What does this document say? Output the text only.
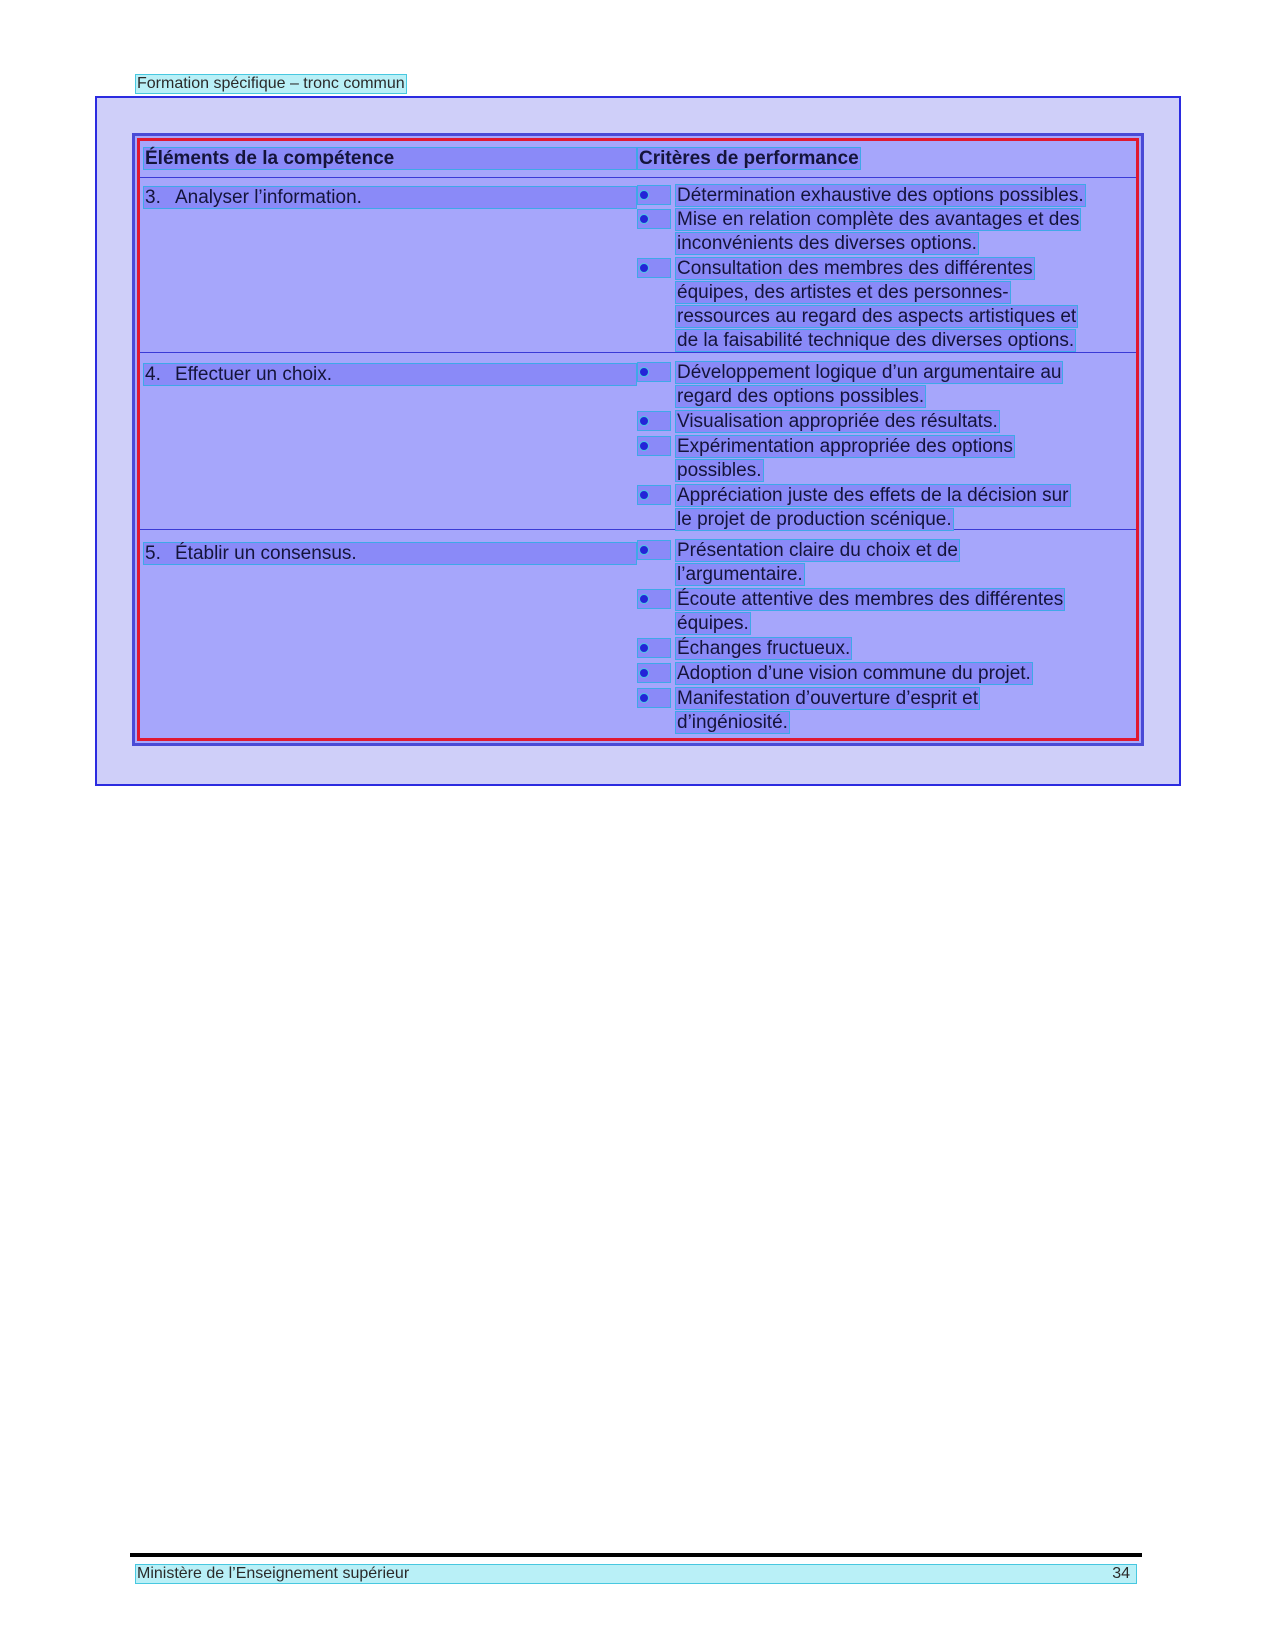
Formation spécifique – tronc commun
Éléments de la compétence	Critères de performance
3. Analyser l’information.	Détermination exhaustive des options possibles.
Mise en relation complète des avantages et des
inconvénients des diverses options.
Consultation des membres des différentes
équipes, des artistes et des personnes-
ressources au regard des aspects artistiques et
de la faisabilité technique des diverses options.
4. Effectuer un choix.	Développement logique d’un argumentaire au
regard des options possibles.
Visualisation appropriée des résultats.
Expérimentation appropriée des options
possibles.
Appréciation juste des effets de la décision sur
le projet de production scénique.
5. Établir un consensus.	Présentation claire du choix et de
l’argumentaire.
Écoute attentive des membres des différentes
équipes.
Échanges fructueux.
Adoption d’une vision commune du projet.
Manifestation d’ouverture d’esprit et
d’ingéniosité.
Ministère de l’Enseignement supérieur	34
